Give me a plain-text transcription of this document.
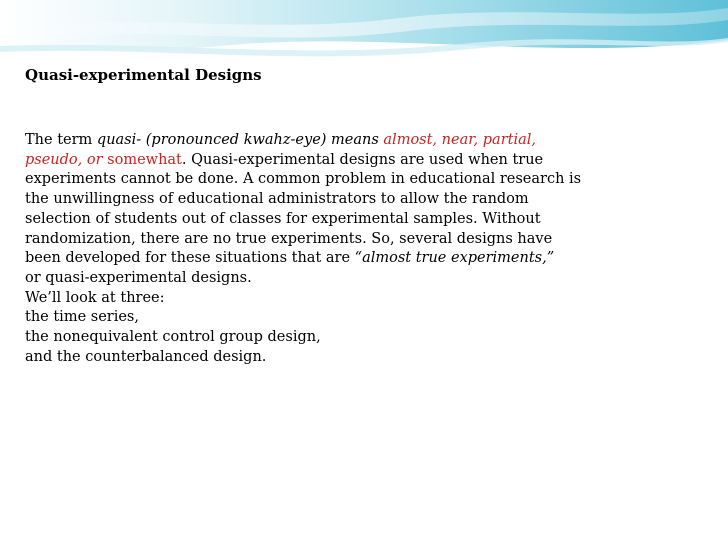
Quasi-experimental Designs
The term quasi- (pronounced kwahz-eye) means almost, near, partial,
pseudo, or somewhat. Quasi-experimental designs are used when true
experiments cannot be done. A common problem in educational research is
the unwillingness of educational administrators to allow the random
selection of students out of classes for experimental samples. Without
randomization, there are no true experiments. So, several designs have
been developed for these situations that are “almost true experiments,”
or quasi-experimental designs.
We’ll look at three:
the time series,
the nonequivalent control group design,
and the counterbalanced design.
